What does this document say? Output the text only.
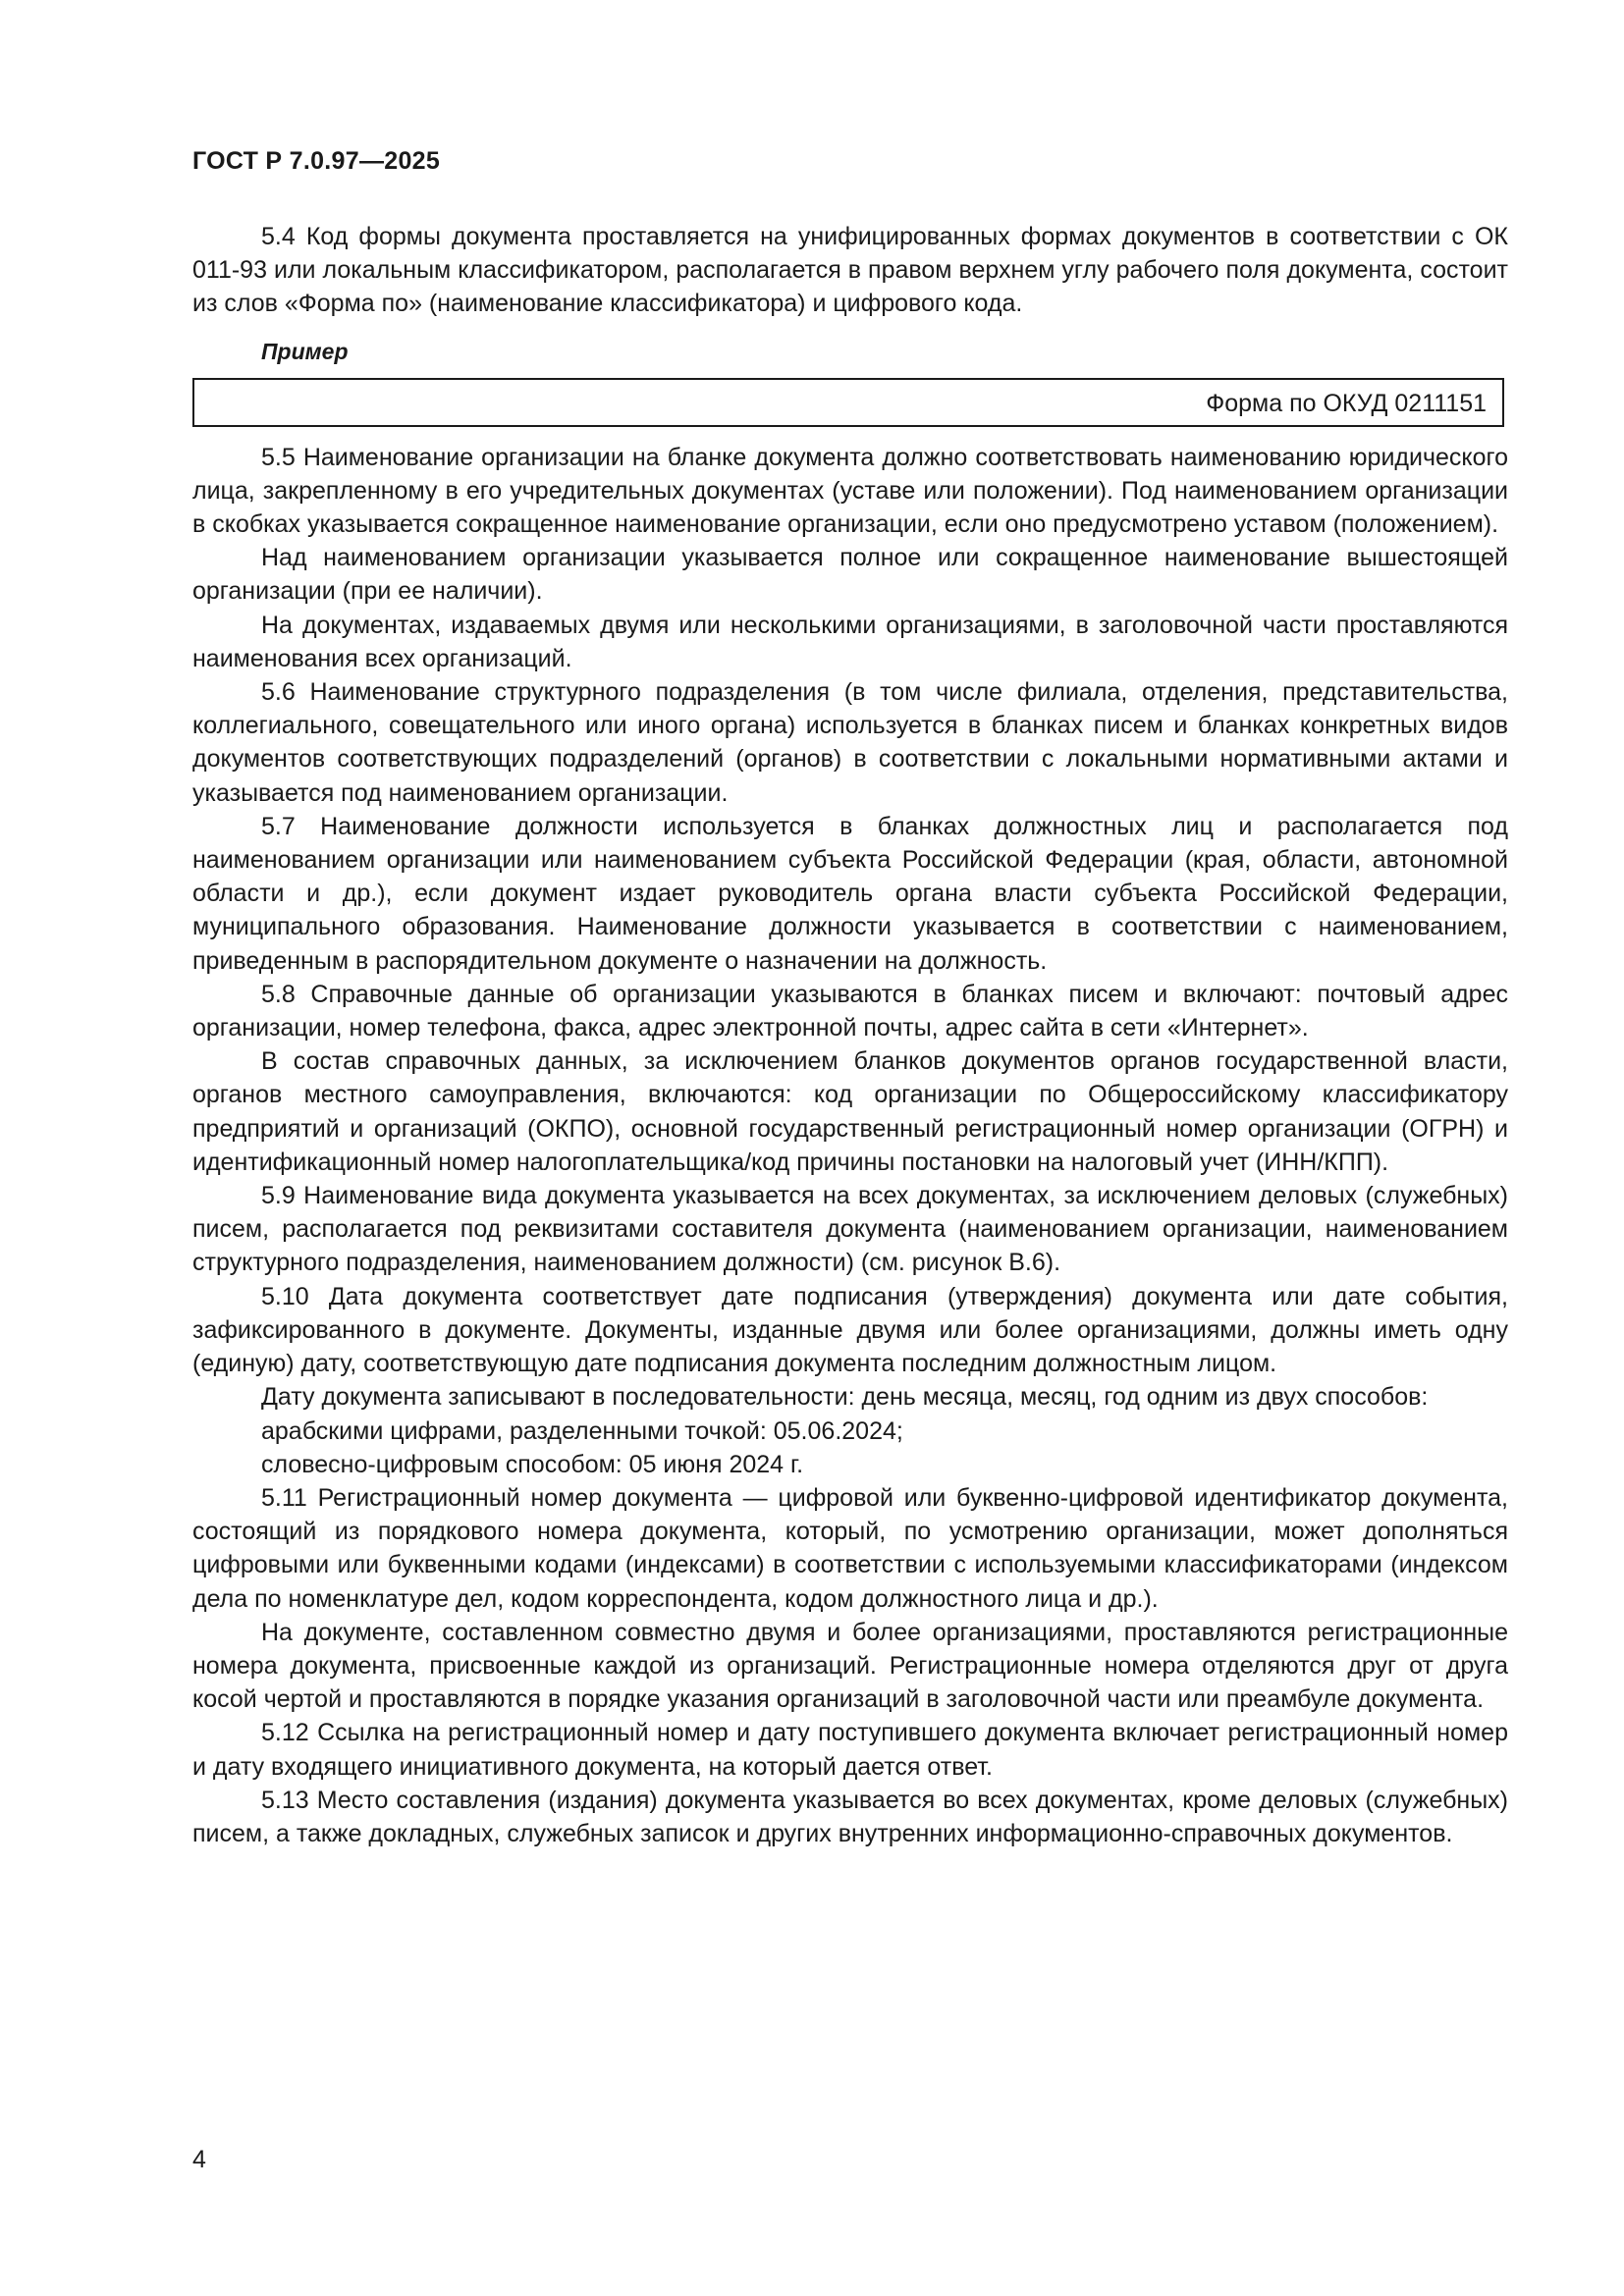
ГОСТ Р 7.0.97—2025

5.4 Код формы документа проставляется на унифицированных формах документов в соответствии с ОК 011-93 или локальным классификатором, располагается в правом верхнем углу рабочего поля документа, состоит из слов «Форма по» (наименование классификатора) и цифрового кода.

Пример
Форма по ОКУД 0211151

5.5 Наименование организации на бланке документа должно соответствовать наименованию юридического лица, закрепленному в его учредительных документах (уставе или положении). Под наименованием организации в скобках указывается сокращенное наименование организации, если оно предусмотрено уставом (положением).

Над наименованием организации указывается полное или сокращенное наименование вышестоящей организации (при ее наличии).

На документах, издаваемых двумя или несколькими организациями, в заголовочной части проставляются наименования всех организаций.

5.6 Наименование структурного подразделения (в том числе филиала, отделения, представительства, коллегиального, совещательного или иного органа) используется в бланках писем и бланках конкретных видов документов соответствующих подразделений (органов) в соответствии с локальными нормативными актами и указывается под наименованием организации.

5.7 Наименование должности используется в бланках должностных лиц и располагается под наименованием организации или наименованием субъекта Российской Федерации (края, области, автономной области и др.), если документ издает руководитель органа власти субъекта Российской Федерации, муниципального образования. Наименование должности указывается в соответствии с наименованием, приведенным в распорядительном документе о назначении на должность.

5.8 Справочные данные об организации указываются в бланках писем и включают: почтовый адрес организации, номер телефона, факса, адрес электронной почты, адрес сайта в сети «Интернет».

В состав справочных данных, за исключением бланков документов органов государственной власти, органов местного самоуправления, включаются: код организации по Общероссийскому классификатору предприятий и организаций (ОКПО), основной государственный регистрационный номер организации (ОГРН) и идентификационный номер налогоплательщика/код причины постановки на налоговый учет (ИНН/КПП).

5.9 Наименование вида документа указывается на всех документах, за исключением деловых (служебных) писем, располагается под реквизитами составителя документа (наименованием организации, наименованием структурного подразделения, наименованием должности) (см. рисунок В.6).

5.10 Дата документа соответствует дате подписания (утверждения) документа или дате события, зафиксированного в документе. Документы, изданные двумя или более организациями, должны иметь одну (единую) дату, соответствующую дате подписания документа последним должностным лицом.

Дату документа записывают в последовательности: день месяца, месяц, год одним из двух способов:

арабскими цифрами, разделенными точкой: 05.06.2024;

словесно-цифровым способом: 05 июня 2024 г.

5.11 Регистрационный номер документа — цифровой или буквенно-цифровой идентификатор документа, состоящий из порядкового номера документа, который, по усмотрению организации, может дополняться цифровыми или буквенными кодами (индексами) в соответствии с используемыми классификаторами (индексом дела по номенклатуре дел, кодом корреспондента, кодом должностного лица и др.).

На документе, составленном совместно двумя и более организациями, проставляются регистрационные номера документа, присвоенные каждой из организаций. Регистрационные номера отделяются друг от друга косой чертой и проставляются в порядке указания организаций в заголовочной части или преамбуле документа.

5.12 Ссылка на регистрационный номер и дату поступившего документа включает регистрационный номер и дату входящего инициативного документа, на который дается ответ.

5.13 Место составления (издания) документа указывается во всех документах, кроме деловых (служебных) писем, а также докладных, служебных записок и других внутренних информационно-справочных документов.

4
